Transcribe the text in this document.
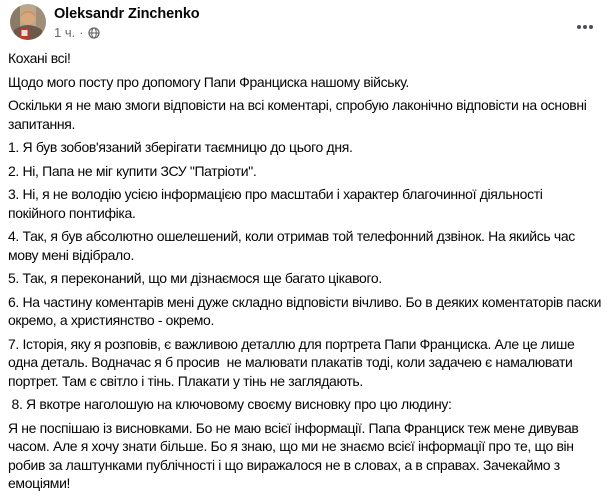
Oleksandr Zinchenko
1 ч. ·

Кохані всі!

Щодо мого посту про допомогу Папи Франциска нашому війську.

Оскільки я не маю змоги відповісти на всі коментарі, спробую лаконічно відповісти на основні запитання.

1. Я був зобов'язаний зберігати таємницю до цього дня.

2. Ні, Папа не міг купити ЗСУ "Патріоти".

3. Ні, я не володію усією інформацією про масштаби і характер благочинної діяльності покійного понтифіка.

4. Так, я був абсолютно ошелешений, коли отримав той телефонний дзвінок. На якийсь час мову мені відібрало.

5. Так, я переконаний, що ми дізнаємося ще багато цікавого.

6. На частину коментарів мені дуже складно відповісти вічливо. Бо в деяких коментаторів паски окремо, а християнство - окремо.

7. Історія, яку я розповів, є важливою деталлю для портрета Папи Франциска. Але це лише одна деталь. Водначас я б просив  не малювати плакатів тоді, коли задачею є намалювати портрет. Там є світло і тінь. Плакати у тінь не заглядають.

8. Я вкотре наголошую на ключовому своєму висновку про цю людину:

Я не поспішаю із висновками. Бо не маю всієї інформації. Папа Франциск теж мене дивував часом. Але я хочу знати більше. Бо я знаю, що ми не знаємо всієї інформації про те, що він робив за лаштунками публічності і що виражалося не в словах, а в справах. Зачекаймо з емоціями!
